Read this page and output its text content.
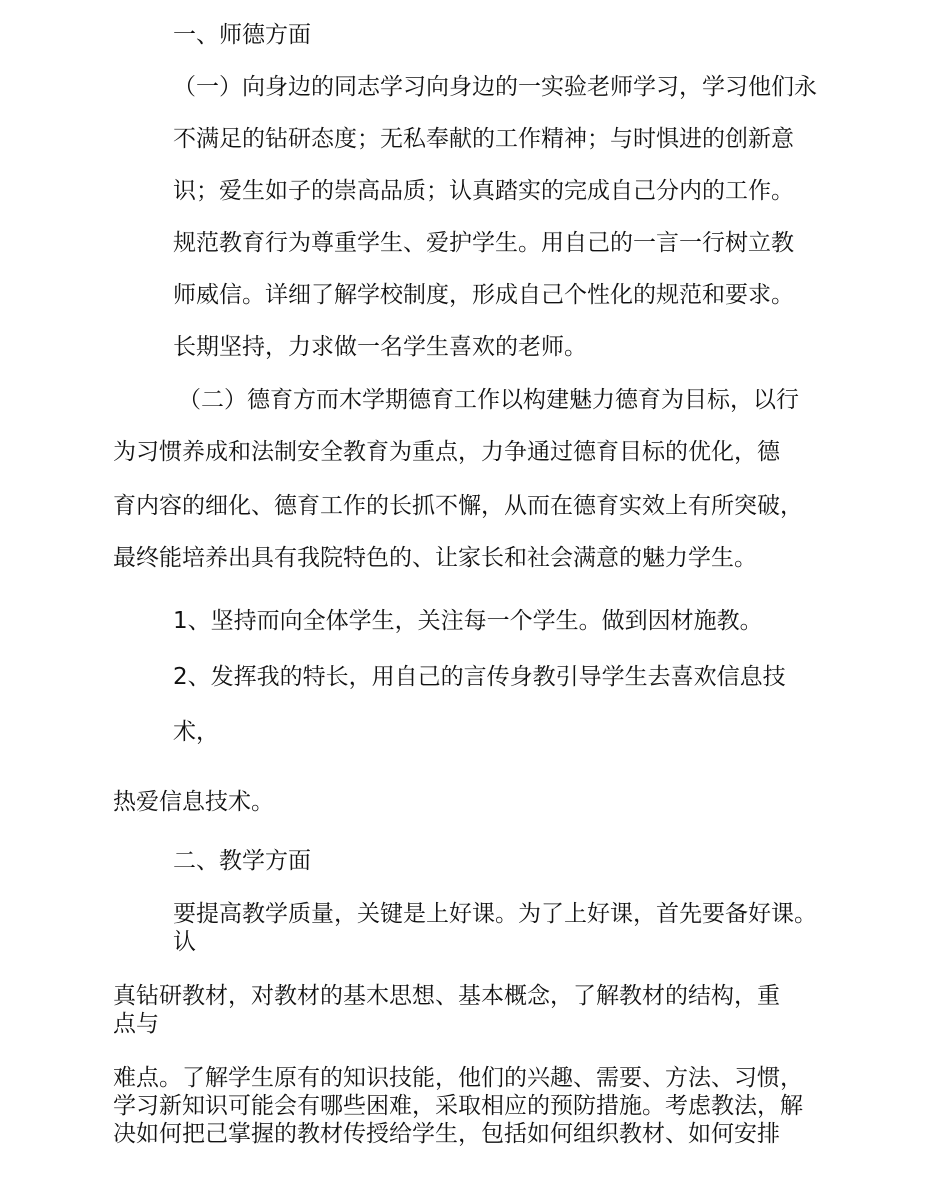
一、师德方面

（一）向身边的同志学习向身边的一实验老师学习，学习他们永

不满足的钻研态度；无私奉献的工作精神；与时惧进的创新意

识；爱生如子的崇高品质；认真踏实的完成自己分内的工作。

规范教育行为尊重学生、爱护学生。用自己的一言一行树立教

师威信。详细了解学校制度，形成自己个性化的规范和要求。

长期坚持，力求做一名学生喜欢的老师。

（二）德育方而木学期德育工作以构建魅力德育为目标，以行

为习惯养成和法制安全教育为重点，力争通过德育目标的优化，德

育内容的细化、德育工作的长抓不懈，从而在德育实效上有所突破，

最终能培养出具有我院特色的、让家长和社会满意的魅力学生。

1、坚持而向全体学生，关注每一个学生。做到因材施教。

2、发挥我的特长，用自己的言传身教引导学生去喜欢信息技

术，

热爱信息技术。

二、教学方面

要提高教学质量，关键是上好课。为了上好课，首先要备好课。

认

真钻研教材，对教材的基木思想、基本概念，了解教材的结构，重

点与

难点。了解学生原有的知识技能，他们的兴趣、需要、方法、习惯，

学习新知识可能会有哪些困难，采取相应的预防措施。考虑教法，解

决如何把己掌握的教材传授给学生，包括如何组织教材、如何安排
